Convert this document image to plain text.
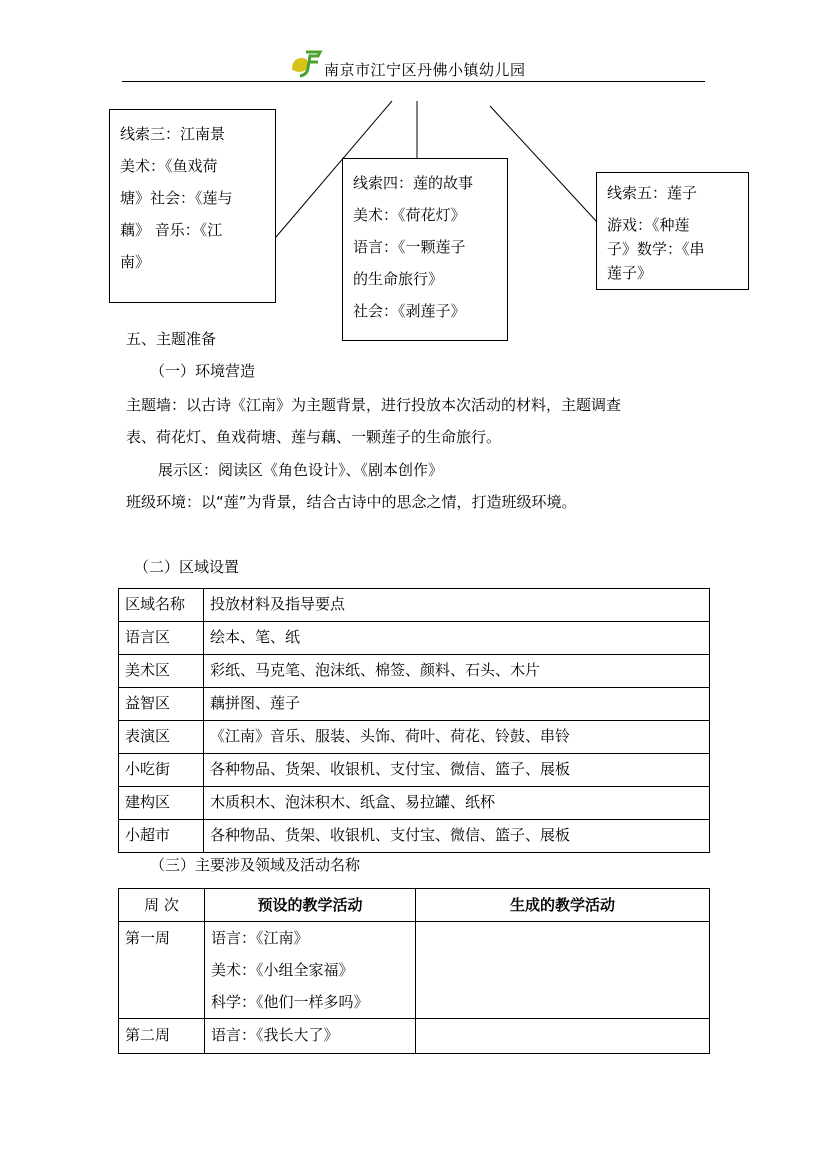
南京市江宁区丹佛小镇幼儿园

线索三：江南景

美术：《鱼戏荷

塘》社会：《莲与

藕》 音乐：《江

南》

线索四：莲的故事

美术：《荷花灯》

语言：《一颗莲子

的生命旅行》

社会：《剥莲子》

线索五：莲子

游戏：《种莲

子》数学：《串

莲子》

五、主题准备
（一）环境营造
主题墙：以古诗《江南》为主题背景，进行投放本次活动的材料，主题调查
表、荷花灯、鱼戏荷塘、莲与藕、一颗莲子的生命旅行。
展示区：阅读区《角色设计》、《剧本创作》
班级环境：以“莲”为背景，结合古诗中的思念之情，打造班级环境。
（二）区域设置
区域名称	投放材料及指导要点
语言区	绘本、笔、纸
美术区	彩纸、马克笔、泡沫纸、棉签、颜料、石头、木片
益智区	藕拼图、莲子
表演区	《江南》音乐、服装、头饰、荷叶、荷花、铃鼓、串铃
小吃街	各种物品、货架、收银机、支付宝、微信、篮子、展板
建构区	木质积木、泡沫积木、纸盒、易拉罐、纸杯
小超市	各种物品、货架、收银机、支付宝、微信、篮子、展板
（三）主要涉及领域及活动名称
周 次	预设的教学活动	生成的教学活动
第一周	语言：《江南》
美术：《小组全家福》
科学：《他们一样多吗》	

第二周	语言：《我长大了》	
